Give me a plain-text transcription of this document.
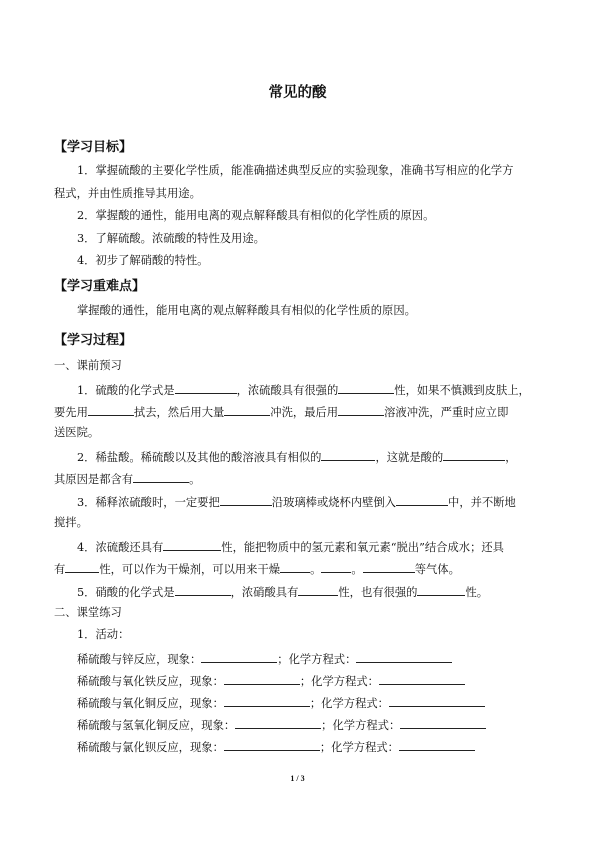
常见的酸
【学习目标】
1．掌握硫酸的主要化学性质，能准确描述典型反应的实验现象，准确书写相应的化学方
程式，并由性质推导其用途。
2．掌握酸的通性，能用电离的观点解释酸具有相似的化学性质的原因。
3．了解硫酸。浓硫酸的特性及用途。
4．初步了解硝酸的特性。
【学习重难点】
掌握酸的通性，能用电离的观点解释酸具有相似的化学性质的原因。
【学习过程】
一、课前预习
1．硫酸的化学式是	，浓硫酸具有很强的	性，如果不慎溅到皮肤上，
要先用	拭去，然后用大量	冲洗，最后用	溶液冲洗，严重时应立即
送医院。
2．稀盐酸。稀硫酸以及其他的酸溶液具有相似的	，这就是酸的	，
其原因是都含有	。
3．稀释浓硫酸时，一定要把	沿玻璃棒或烧杯内壁倒入	中，并不断地
搅拌。
4．浓硫酸还具有	性，能把物质中的氢元素和氧元素“脱出”结合成水；还具
有	性，可以作为干燥剂，可以用来干燥	。	。	等气体。
5．硝酸的化学式是	，浓硝酸具有	性，也有很强的	性。
二、课堂练习
1．活动：
稀硫酸与锌反应，现象：	；化学方程式：
稀硫酸与氧化铁反应，现象：	；化学方程式：
稀硫酸与氧化铜反应，现象：	；化学方程式：
稀硫酸与氢氧化铜反应，现象：	；化学方程式：
稀硫酸与氯化钡反应，现象：	；化学方程式：
1 / 3
